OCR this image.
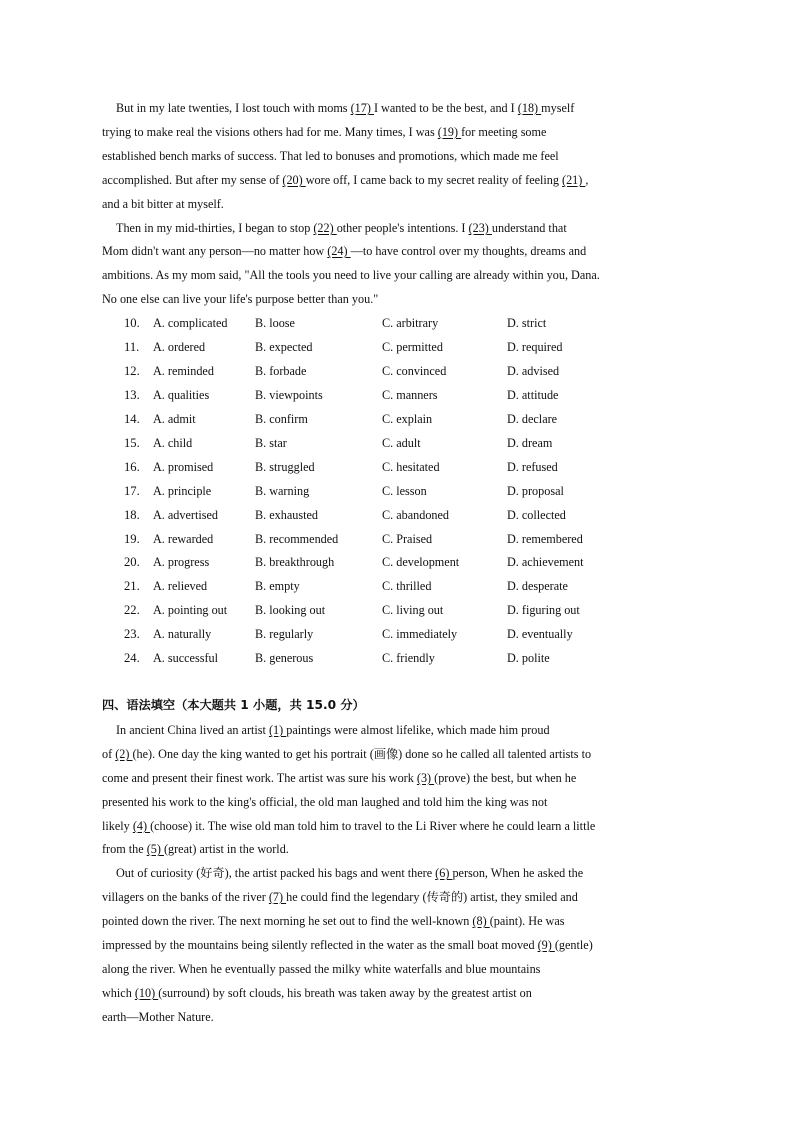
But in my late twenties, I lost touch with moms (17) I wanted to be the best, and I (18) myself
trying to make real the visions others had for me. Many times, I was (19) for meeting some
established bench marks of success. That led to bonuses and promotions, which made me feel
accomplished. But after my sense of (20) wore off, I came back to my secret reality of feeling (21) ,
and a bit bitter at myself.
Then in my mid-thirties, I began to stop (22) other people's intentions. I (23) understand that
Mom didn't want any person—no matter how (24) —to have control over my thoughts, dreams and
ambitions. As my mom said, "All the tools you need to live your calling are already within you, Dana.
No one else can live your life's purpose better than you."
10.	A. complicated B. loose	C. arbitrary	D. strict
11.	A. ordered	B. expected	C. permitted	D. required
12.	A. reminded	B. forbade	C. convinced	D. advised
13.	A. qualities	B. viewpoints	C. manners	D. attitude
14.	A. admit	B. confirm	C. explain	D. declare
15.	A. child	B. star	C. adult	D. dream
16.	A. promised	B. struggled	C. hesitated	D. refused
17.	A. principle	B. warning	C. lesson	D. proposal
18.	A. advertised	B. exhausted	C. abandoned	D. collected
19.	A. rewarded	B. recommended	C. Praised	D. remembered
20.	A. progress	B. breakthrough	C. development	D. achievement
21.	A. relieved	B. empty	C. thrilled	D. desperate
22.	A. pointing out B. looking out	C. living out	D. figuring out
23.	A. naturally	B. regularly	C. immediately	D. eventually
24.	A. successful	B. generous	C. friendly	D. polite
四、语法填空（本大题共 1 小题，共 15.0 分）
In ancient China lived an artist (1) paintings were almost lifelike, which made him proud
of (2) (he). One day the king wanted to get his portrait (画像) done so he called all talented artists to
come and present their finest work. The artist was sure his work (3) (prove) the best, but when he
presented his work to the king's official, the old man laughed and told him the king was not
likely (4) (choose) it. The wise old man told him to travel to the Li River where he could learn a little
from the (5) (great) artist in the world.
Out of curiosity (好奇), the artist packed his bags and went there (6) person, When he asked the
villagers on the banks of the river (7) he could find the legendary (传奇的) artist, they smiled and
pointed down the river. The next morning he set out to find the well-known (8) (paint). He was
impressed by the mountains being silently reflected in the water as the small boat moved (9) (gentle)
along the river. When he eventually passed the milky white waterfalls and blue mountains
which (10) (surround) by soft clouds, his breath was taken away by the greatest artist on
earth—Mother Nature.
